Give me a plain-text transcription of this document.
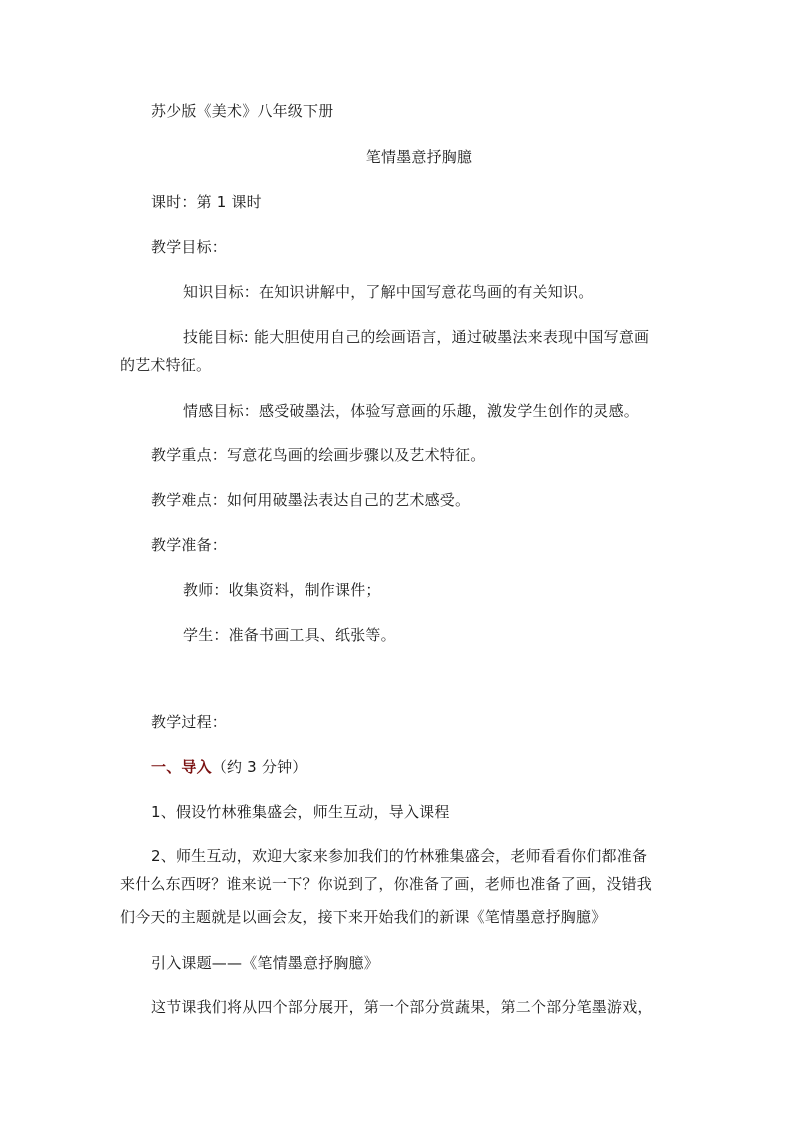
苏少版《美术》八年级下册
笔情墨意抒胸臆
课时：第 1 课时
教学目标：
知识目标：在知识讲解中，了解中国写意花鸟画的有关知识。
技能目标: 能大胆使用自己的绘画语言，通过破墨法来表现中国写意画
的艺术特征。
情感目标：感受破墨法，体验写意画的乐趣，激发学生创作的灵感。
教学重点：写意花鸟画的绘画步骤以及艺术特征。
教学难点：如何用破墨法表达自己的艺术感受。
教学准备：
教师：收集资料，制作课件；
学生：准备书画工具、纸张等。
教学过程：
一、导入（约 3 分钟）
1、假设竹林雅集盛会，师生互动，导入课程
2、师生互动，欢迎大家来参加我们的竹林雅集盛会，老师看看你们都准备
来什么东西呀？谁来说一下？你说到了，你准备了画，老师也准备了画，没错我
们今天的主题就是以画会友，接下来开始我们的新课《笔情墨意抒胸臆》
引入课题——《笔情墨意抒胸臆》
这节课我们将从四个部分展开，第一个部分赏蔬果，第二个部分笔墨游戏，
